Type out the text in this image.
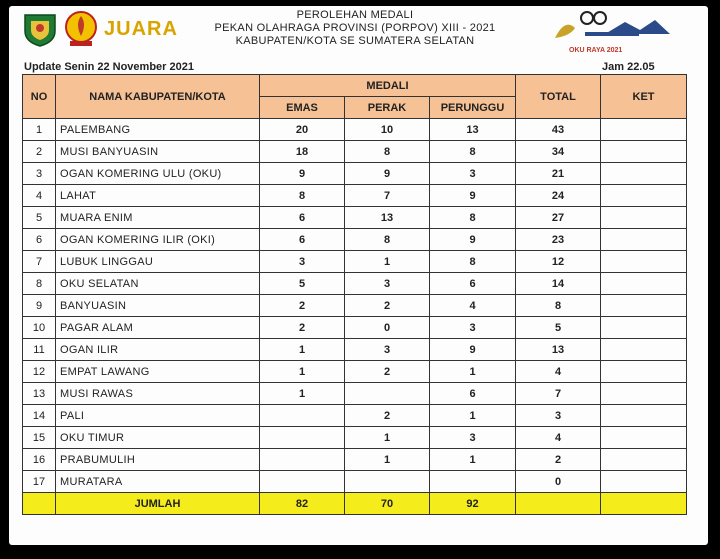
JUARA

PEROLEHAN MEDALI
PEKAN OLAHRAGA PROVINSI (PORPOV) XIII - 2021
KABUPATEN/KOTA SE SUMATERA SELATAN
OKU RAYA 2021
Update Senin 22 November 2021	Jam 22.05
NO	NAMA KABUPATEN/KOTA	MEDALI			TOTAL	KET
		EMAS	PERAK	PERUNGGU		
1	PALEMBANG	20	10	13	43	
2	MUSI BANYUASIN	18	8	8	34	
3	OGAN KOMERING ULU (OKU)	9	9	3	21	
4	LAHAT	8	7	9	24	
5	MUARA ENIM	6	13	8	27	
6	OGAN KOMERING ILIR (OKI)	6	8	9	23	
7	LUBUK LINGGAU	3	1	8	12	
8	OKU SELATAN	5	3	6	14	
9	BANYUASIN	2	2	4	8	
10	PAGAR ALAM	2	0	3	5	
11	OGAN ILIR	1	3	9	13	
12	EMPAT LAWANG	1	2	1	4	
13	MUSI RAWAS	1		6	7	
14	PALI		2	1	3	
15	OKU TIMUR		1	3	4	
16	PRABUMULIH		1	1	2	
17	MURATARA				0	
	JUMLAH	82	70	92		
